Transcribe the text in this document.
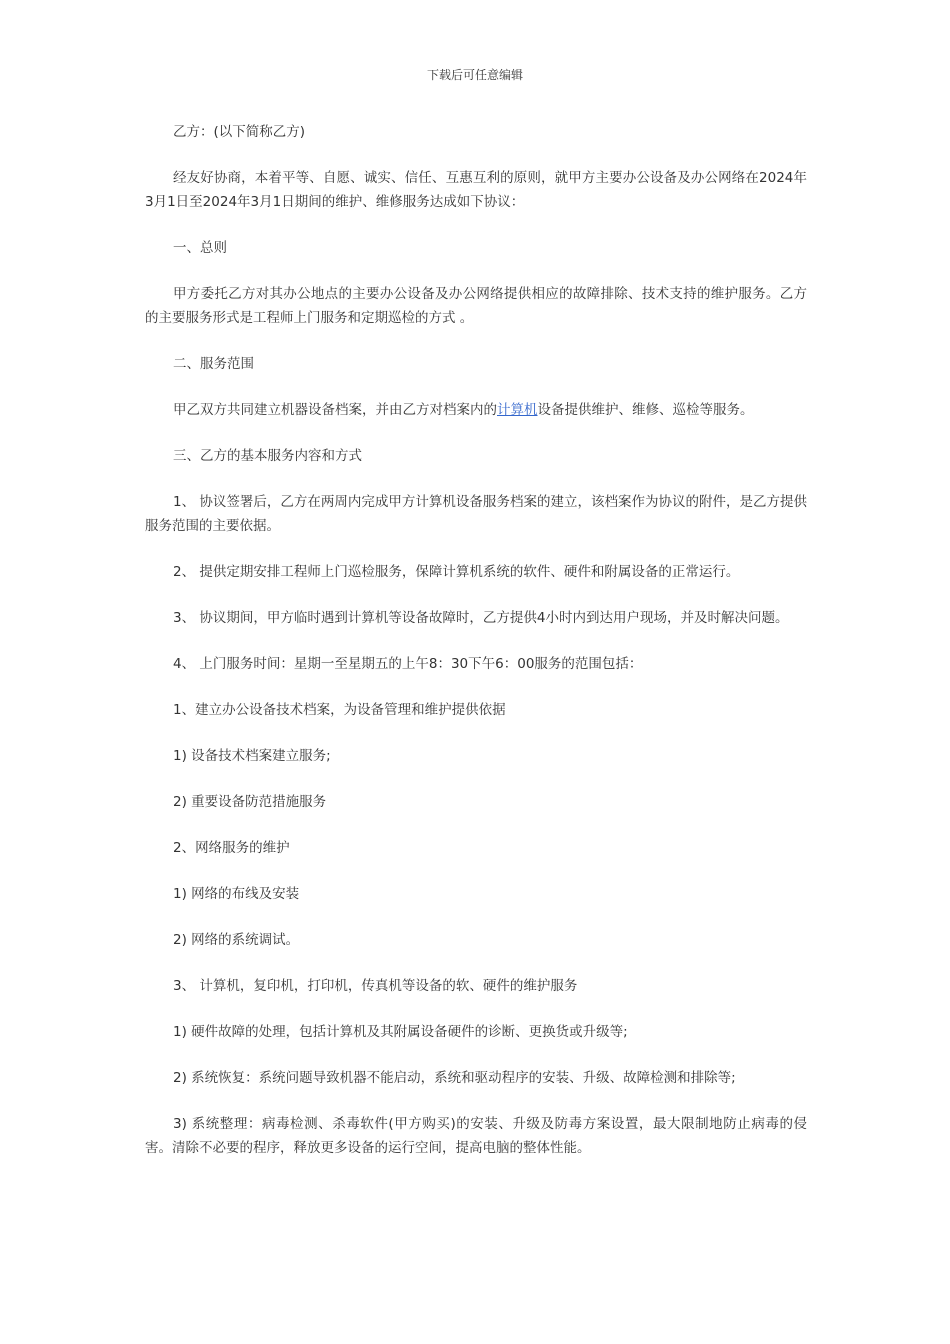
下载后可任意编辑

乙方：(以下简称乙方)

经友好协商，本着平等、自愿、诚实、信任、互惠互利的原则，就甲方主要办公设备及办公网络在2024年3月1日至2024年3月1日期间的维护、维修服务达成如下协议：

一、总则

甲方委托乙方对其办公地点的主要办公设备及办公网络提供相应的故障排除、技术支持的维护服务。乙方的主要服务形式是工程师上门服务和定期巡检的方式 。

二、服务范围

甲乙双方共同建立机器设备档案，并由乙方对档案内的计算机设备提供维护、维修、巡检等服务。

三、乙方的基本服务内容和方式

1、 协议签署后，乙方在两周内完成甲方计算机设备服务档案的建立，该档案作为协议的附件，是乙方提供服务范围的主要依据。

2、 提供定期安排工程师上门巡检服务，保障计算机系统的软件、硬件和附属设备的正常运行。

3、 协议期间，甲方临时遇到计算机等设备故障时，乙方提供4小时内到达用户现场，并及时解决问题。

4、 上门服务时间：星期一至星期五的上午8：30下午6：00服务的范围包括：

1、建立办公设备技术档案，为设备管理和维护提供依据

1) 设备技术档案建立服务;

2) 重要设备防范措施服务

2、网络服务的维护

1) 网络的布线及安装

2) 网络的系统调试。

3、 计算机，复印机，打印机，传真机等设备的软、硬件的维护服务

1) 硬件故障的处理，包括计算机及其附属设备硬件的诊断、更换货或升级等;

2) 系统恢复：系统问题导致机器不能启动，系统和驱动程序的安装、升级、故障检测和排除等;

3) 系统整理：病毒检测、杀毒软件(甲方购买)的安装、升级及防毒方案设置，最大限制地防止病毒的侵害。清除不必要的程序，释放更多设备的运行空间，提高电脑的整体性能。
